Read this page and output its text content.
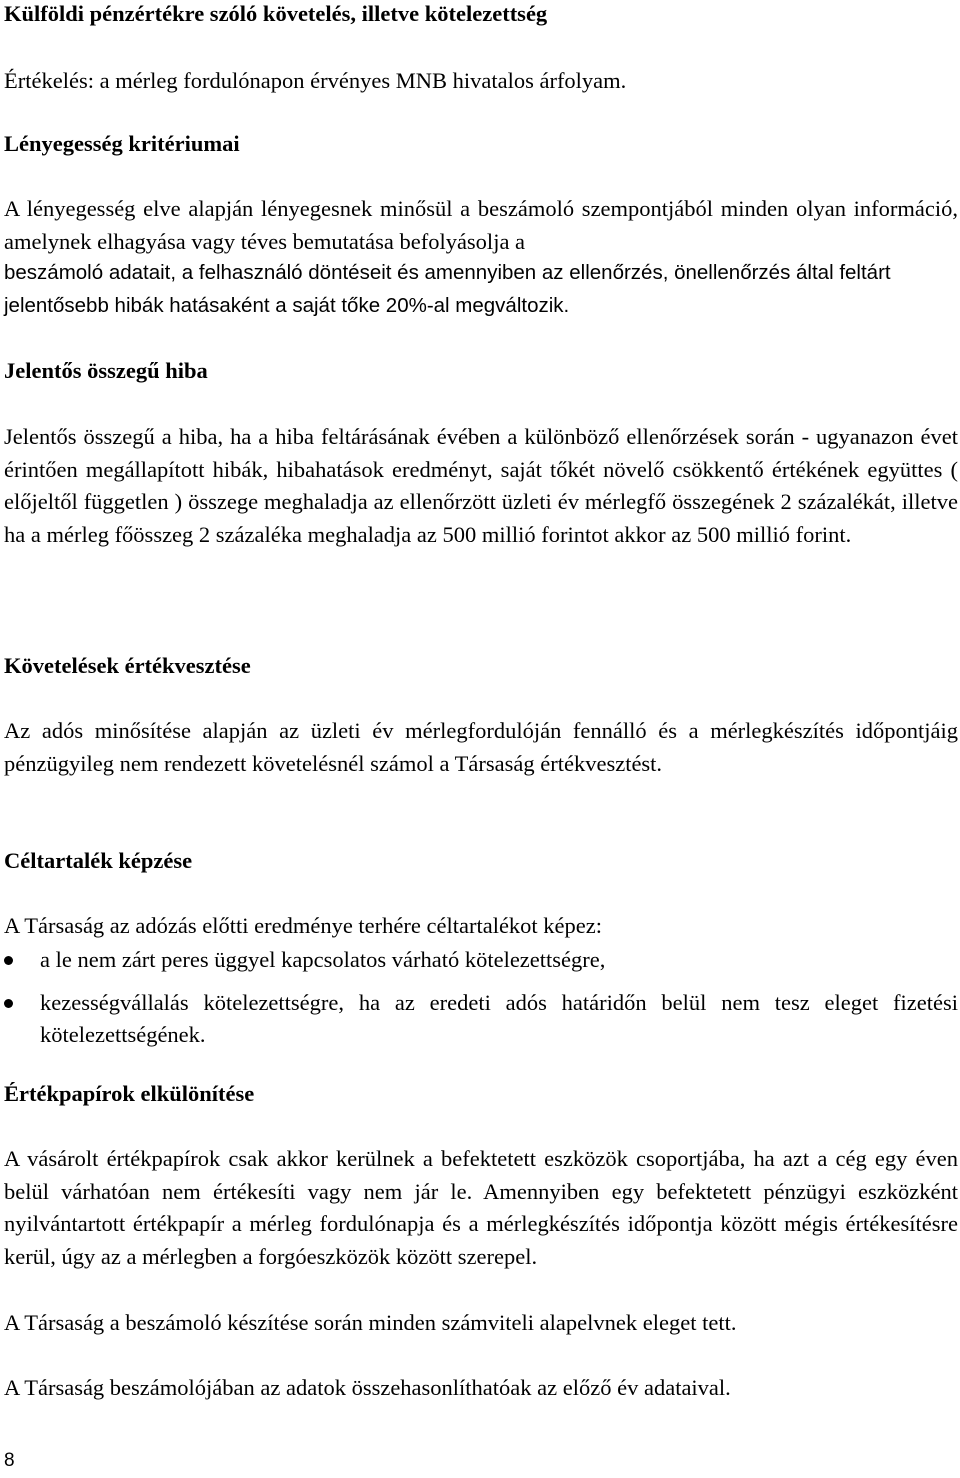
Külföldi pénzértékre szóló követelés, illetve kötelezettség

Értékelés: a mérleg fordulónapon érvényes MNB hivatalos árfolyam.

Lényegesség kritériumai

A lényegesség elve alapján lényegesnek minősül a beszámoló szempontjából minden olyan információ, amelynek elhagyása vagy téves bemutatása befolyásolja a

beszámoló adatait, a felhasználó döntéseit és amennyiben az ellenőrzés, önellenőrzés által feltárt jelentősebb hibák hatásaként a saját tőke 20%-al megváltozik.

Jelentős összegű hiba

Jelentős összegű a hiba, ha a hiba feltárásának évében a különböző ellenőrzések során - ugyanazon évet érintően megállapított hibák, hibahatások eredményt, saját tőkét növelő csökkentő értékének együttes ( előjeltől független ) összege meghaladja az ellenőrzött üzleti év mérlegfő összegének 2 százalékát, illetve ha a mérleg főösszeg 2 százaléka meghaladja az 500 millió forintot akkor az 500 millió forint.

Követelések értékvesztése

Az adós minősítése alapján az üzleti év mérlegfordulóján fennálló és a mérlegkészítés időpontjáig pénzügyileg nem rendezett követelésnél számol a Társaság értékvesztést.

Céltartalék képzése

A Társaság az adózás előtti eredménye terhére céltartalékot képez:

a le nem zárt peres üggyel kapcsolatos várható kötelezettségre,
kezességvállalás kötelezettségre, ha az eredeti adós határidőn belül nem tesz eleget fizetési kötelezettségének.
Értékpapírok elkülönítése

A vásárolt értékpapírok csak akkor kerülnek a befektetett eszközök csoportjába, ha azt a cég egy éven belül várhatóan nem értékesíti vagy nem jár le. Amennyiben egy befektetett pénzügyi eszközként nyilvántartott értékpapír a mérleg fordulónapja és a mérlegkészítés időpontja között mégis értékesítésre kerül, úgy az a mérlegben a forgóeszközök között szerepel.

A Társaság a beszámoló készítése során minden számviteli alapelvnek eleget tett.

A Társaság beszámolójában az adatok összehasonlíthatóak az előző év adataival.

8
